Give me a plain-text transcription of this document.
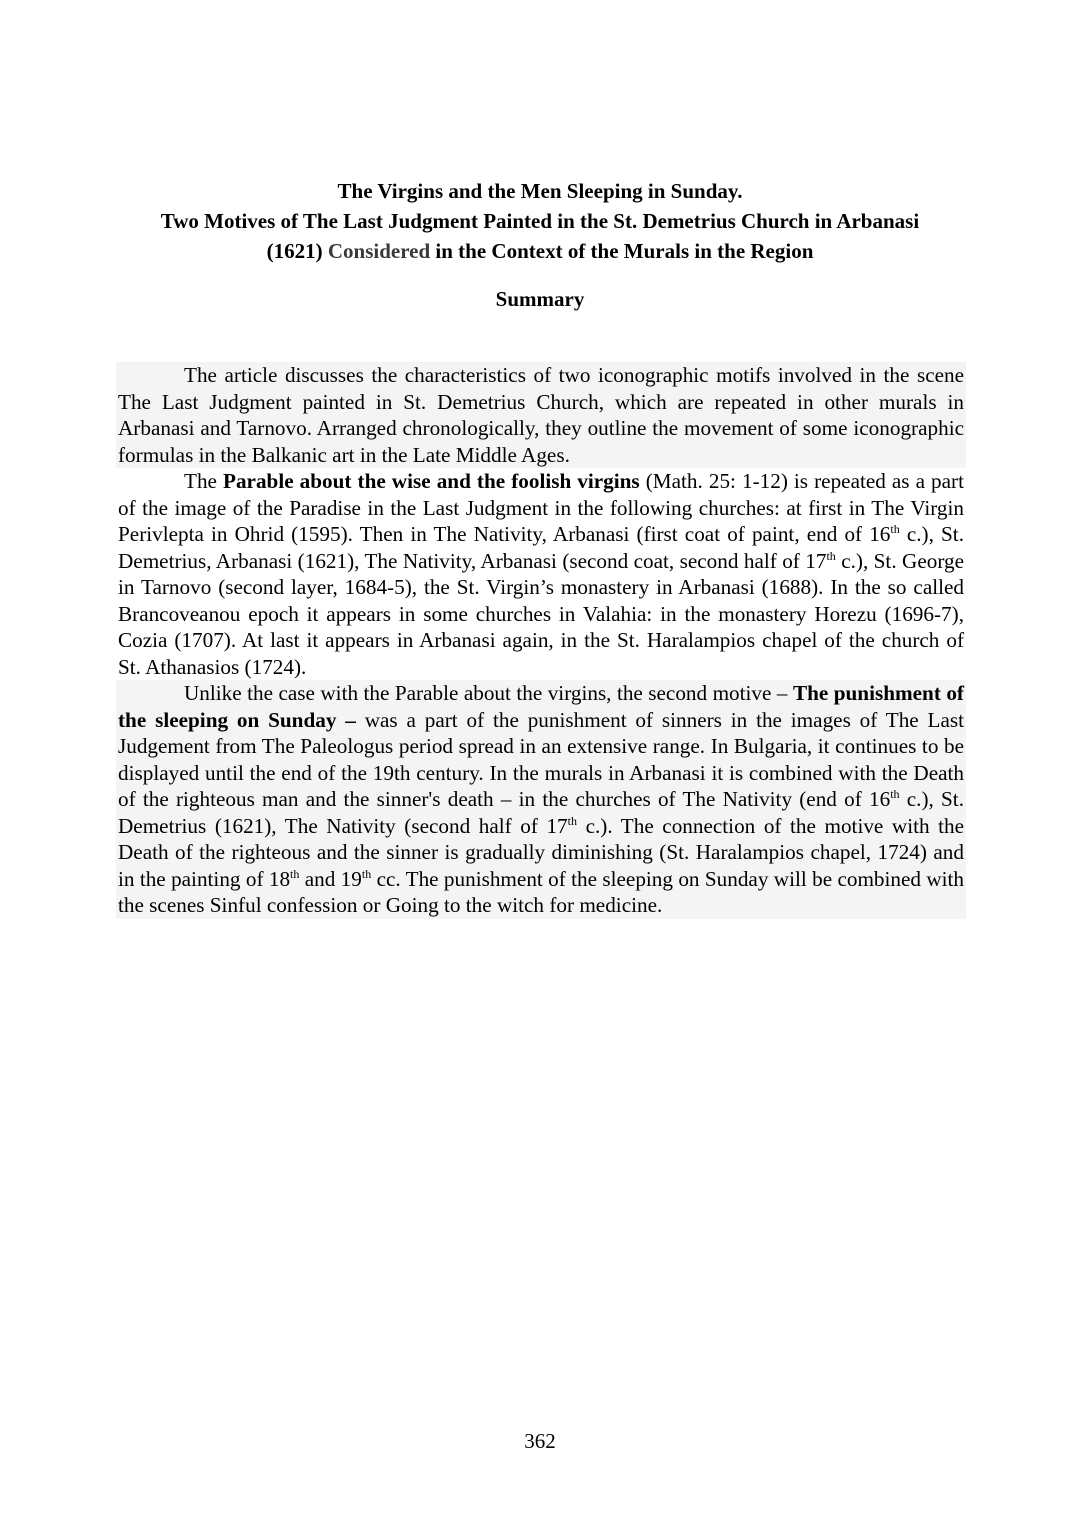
The Virgins and the Men Sleeping in Sunday.
Two Motives of The Last Judgment Painted in the St. Demetrius Church in Arbanasi
(1621) Considered in the Context of the Murals in the Region
Summary

The article discusses the characteristics of two iconographic motifs involved in the scene The Last Judgment painted in St. Demetrius Church, which are repeated in other murals in Arbanasi and Tarnovo. Arranged chronologically, they outline the movement of some iconographic formulas in the Balkanic art in the Late Middle Ages.

The Parable about the wise and the foolish virgins (Math. 25: 1-12) is repeated as a part of the image of the Paradise in the Last Judgment in the following churches: at first in The Virgin Perivlepta in Ohrid (1595). Then in The Nativity, Arbanasi (first coat of paint, end of 16th c.), St. Demetrius, Arbanasi (1621), The Nativity, Arbanasi (second coat, second half of 17th c.), St. George in Tarnovo (second layer, 1684-5), the St. Virgin’s monastery in Arbanasi (1688). In the so called Brancoveanou epoch it appears in some churches in Valahia: in the monastery Horezu (1696-7), Cozia (1707). At last it appears in Arbanasi again, in the St. Haralampios chapel of the church of St. Athanasios (1724).

Unlike the case with the Parable about the virgins, the second motive – The punishment of the sleeping on Sunday – was a part of the punishment of sinners in the images of The Last Judgement from The Paleologus period spread in an extensive range. In Bulgaria, it continues to be displayed until the end of the 19th century. In the murals in Arbanasi it is combined with the Death of the righteous man and the sinner's death – in the churches of The Nativity (end of 16th c.), St. Demetrius (1621), The Nativity (second half of 17th c.). The connection of the motive with the Death of the righteous and the sinner is gradually diminishing (St. Haralampios chapel, 1724) and in the painting of 18th and 19th cc. The punishment of the sleeping on Sunday will be combined with the scenes Sinful confession or Going to the witch for medicine.

362
